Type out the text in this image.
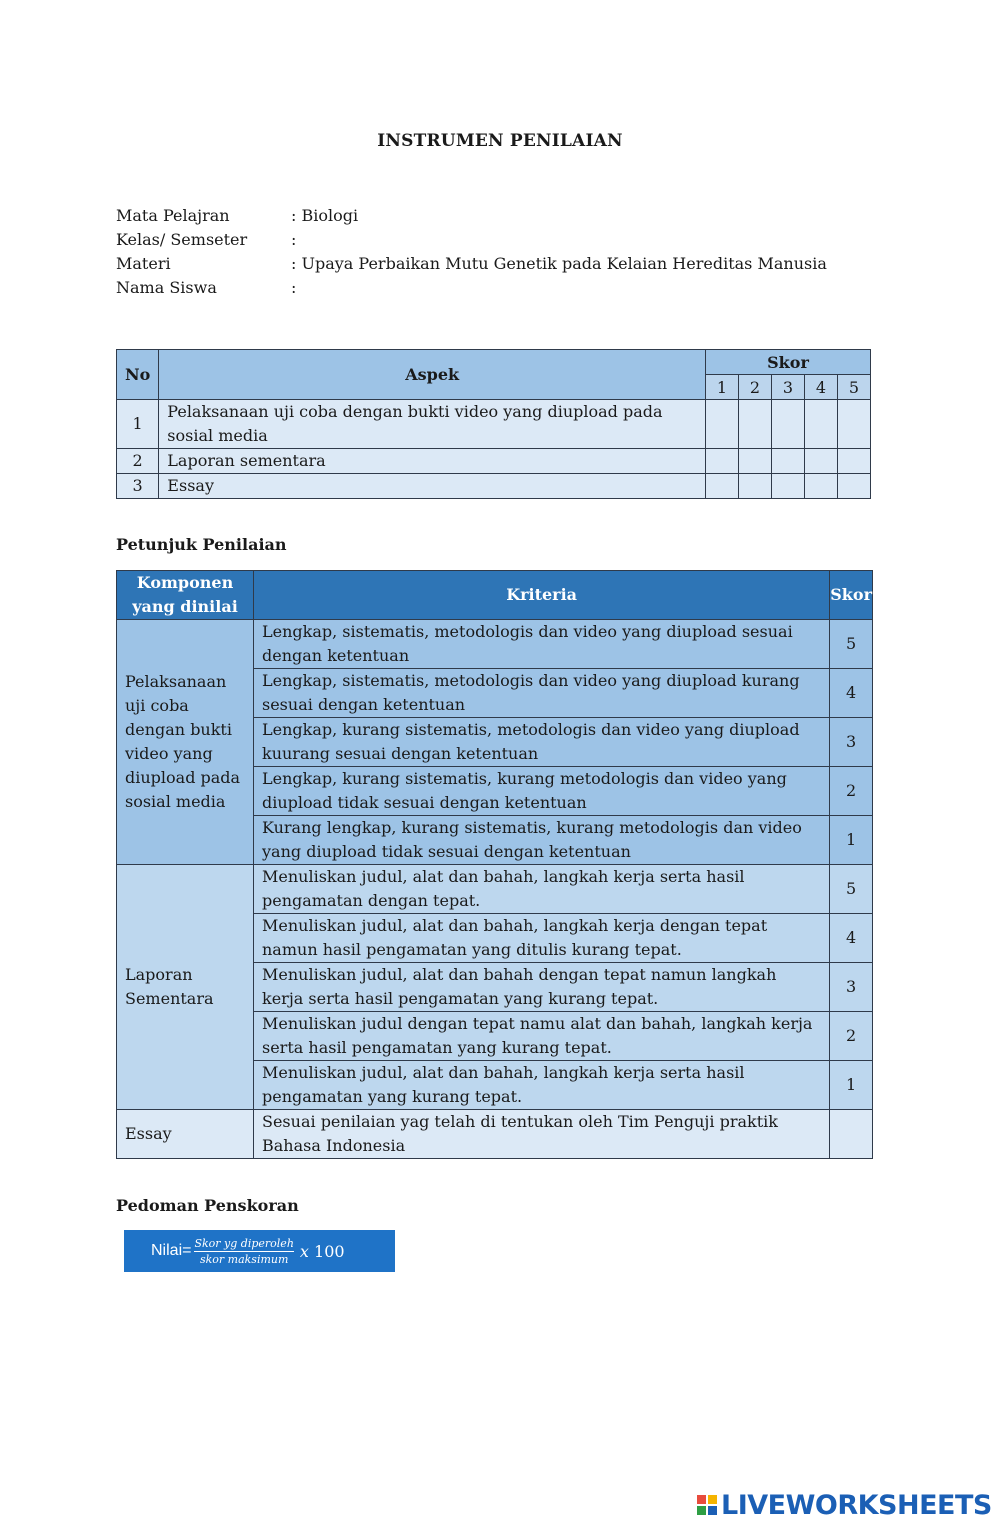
INSTRUMEN PENILAIAN
Mata Pelajran	: Biologi
Kelas/ Semseter	:
Materi	: Upaya Perbaikan Mutu Genetik pada Kelaian Hereditas Manusia
Nama Siswa	:
No	Aspek	Skor				
		1	2	3	4	5
1	Pelaksanaan uji coba dengan bukti video yang diupload pada sosial media					
2	Laporan sementara					
3	Essay					
Petunjuk Penilaian
Komponen yang dinilai	Kriteria	Skor
Pelaksanaan uji coba dengan bukti video yang diupload pada sosial media	Lengkap, sistematis, metodologis dan video yang diupload sesuai dengan ketentuan	5
	Lengkap, sistematis, metodologis dan video yang diupload kurang sesuai dengan ketentuan	4
	Lengkap, kurang sistematis, metodologis dan video yang diupload kuurang sesuai dengan ketentuan	3
	Lengkap, kurang sistematis, kurang metodologis dan video yang diupload tidak sesuai dengan ketentuan	2
	Kurang lengkap, kurang sistematis, kurang metodologis dan video yang diupload tidak sesuai dengan ketentuan	1
Laporan Sementara	Menuliskan judul, alat dan bahah, langkah kerja serta hasil pengamatan dengan tepat.	5
	Menuliskan judul, alat dan bahah, langkah kerja dengan tepat namun hasil pengamatan yang ditulis kurang tepat.	4
	Menuliskan judul, alat dan bahah dengan tepat namun langkah kerja serta hasil pengamatan yang kurang tepat.	3
	Menuliskan judul dengan tepat namu alat dan bahah, langkah kerja serta hasil pengamatan yang kurang tepat.	2
	Menuliskan judul, alat dan bahah, langkah kerja serta hasil pengamatan yang kurang tepat.	1
Essay	Sesuai penilaian yag telah di tentukan oleh Tim Penguji praktik Bahasa Indonesia	
Pedoman Penskoran
Nilai= $\frac{\text{Skor yg diperoleh}}{\text{skor maksimum}}$ x 100
LIVEWORKSHEETS
